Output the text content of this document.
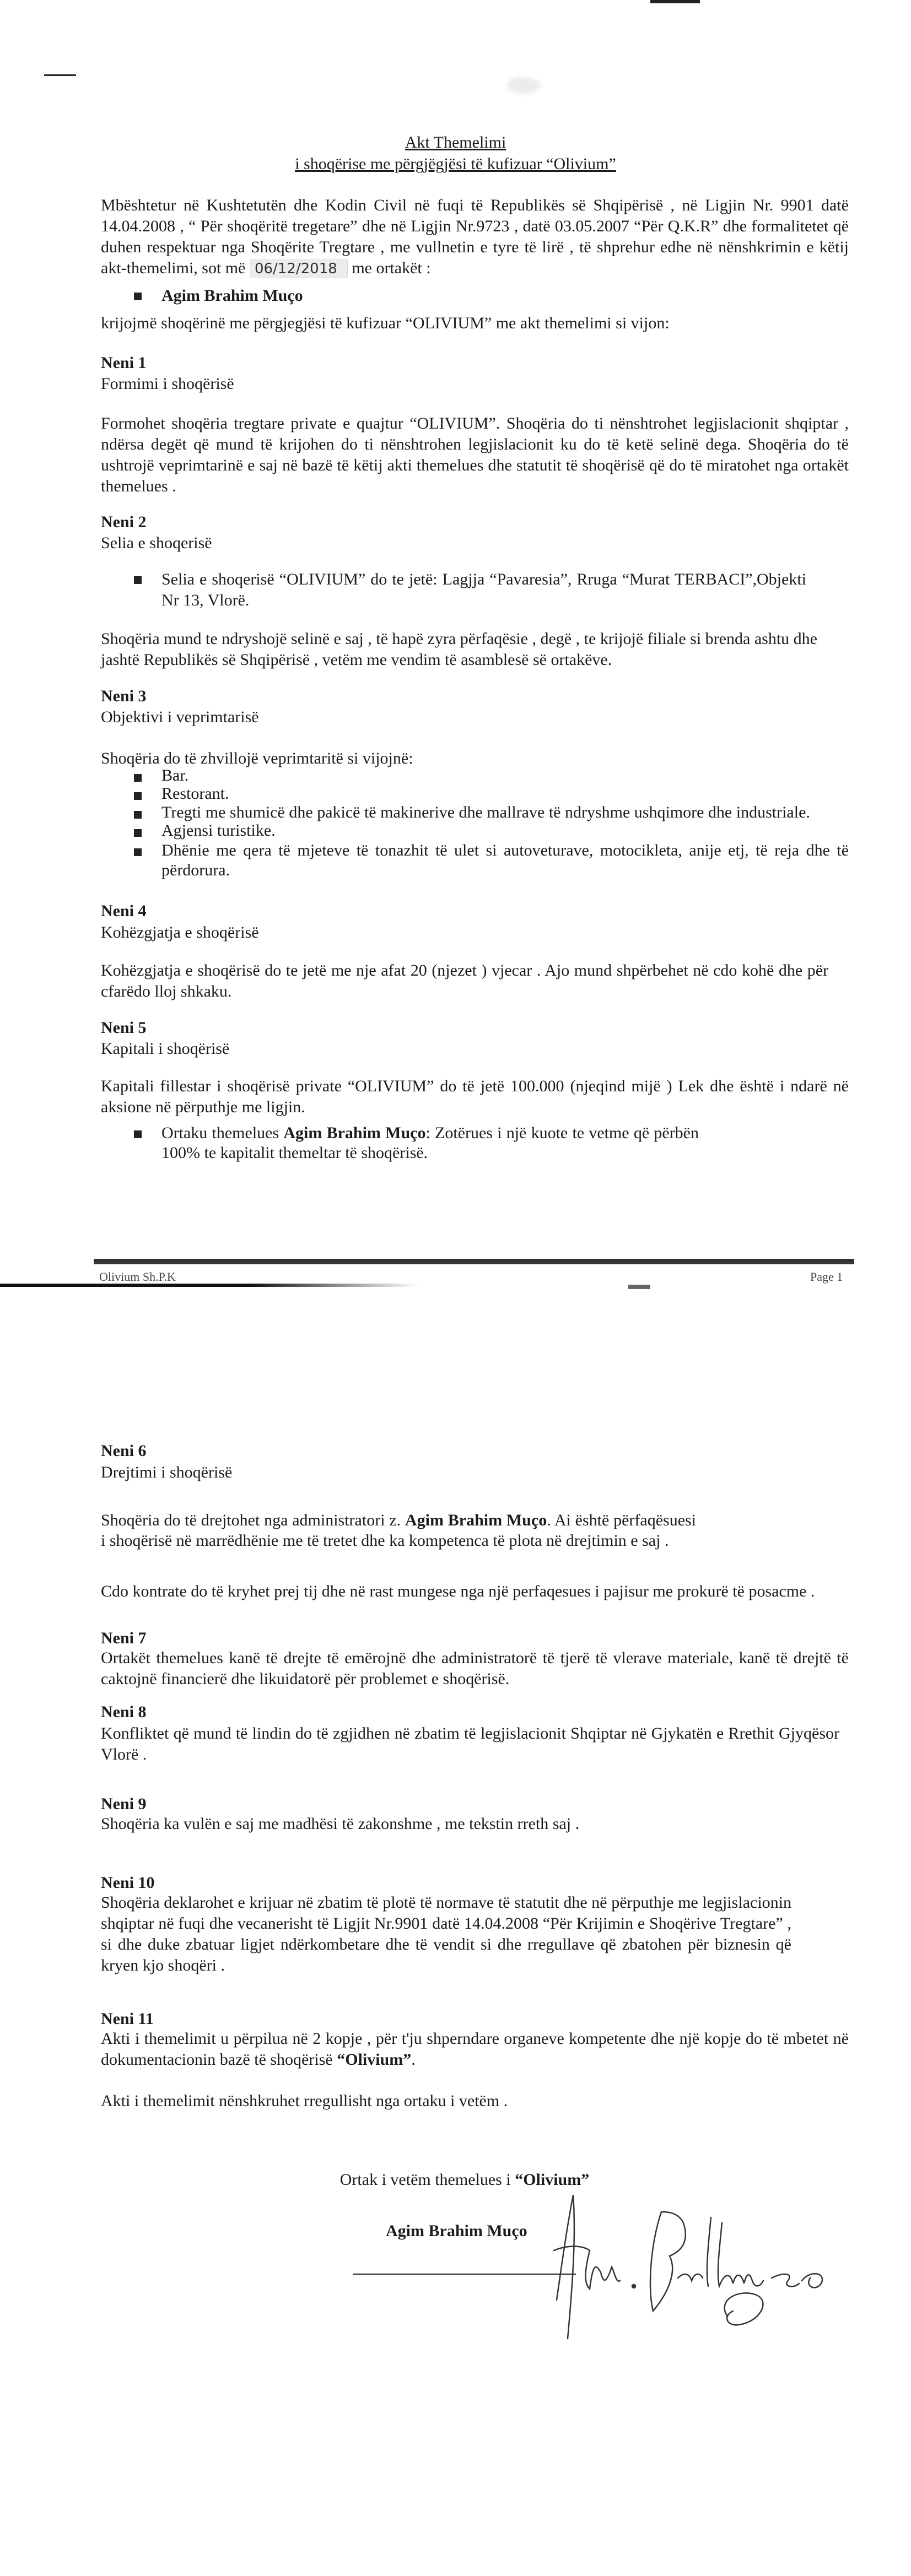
Akt Themelimi
i shoqërise me përgjëgjësi të kufizuar “Olivium”
Mbështetur në Kushtetutën dhe Kodin Civil në fuqi të Republikës së Shqipërisë , në Ligjin Nr. 9901 datë 14.04.2008 , “ Për shoqëritë tregetare” dhe në Ligjin Nr.9723 , datë 03.05.2007 “Për Q.K.R” dhe formalitetet që duhen respektuar nga Shoqërite Tregtare , me vullnetin e tyre të lirë , të shprehur edhe në nënshkrimin e këtij akt-themelimi, sot më 06/12/2018 me ortakët :
Agim Brahim Muço
krijojmë shoqërinë me përgjegjësi të kufizuar “OLIVIUM” me akt themelimi si vijon:
Neni 1
Formimi i shoqërisë
Formohet shoqëria tregtare private e quajtur “OLIVIUM”. Shoqëria do ti nënshtrohet legjislacionit shqiptar , ndërsa degët që mund të krijohen do ti nënshtrohen legjislacionit ku do të ketë selinë dega. Shoqëria do të ushtrojë veprimtarinë e saj në bazë të këtij akti themelues dhe statutit të shoqërisë që do të miratohet nga ortakët themelues .
Neni 2
Selia e shoqerisë
Selia e shoqerisë “OLIVIUM” do te jetë: Lagjja “Pavaresia”, Rruga “Murat TERBACI”,Objekti Nr 13, Vlorë.
Shoqëria mund te ndryshojë selinë e saj , të hapë zyra përfaqësie , degë , te krijojë filiale si brenda ashtu dhe jashtë Republikës së Shqipërisë , vetëm me vendim të asamblesë së ortakëve.
Neni 3
Objektivi i veprimtarisë
Shoqëria do të zhvillojë veprimtaritë si vijojnë:
Bar.
Restorant.
Tregti me shumicë dhe pakicë të makinerive dhe mallrave të ndryshme ushqimore dhe industriale.
Agjensi turistike.
Dhënie me qera të mjeteve të tonazhit të ulet si autoveturave, motocikleta, anije etj, të reja dhe të përdorura.
Neni 4
Kohëzgjatja e shoqërisë
Kohëzgjatja e shoqërisë do te jetë me nje afat 20 (njezet ) vjecar . Ajo mund shpërbehet në cdo kohë dhe për cfarëdo lloj shkaku.
Neni 5
Kapitali i shoqërisë
Kapitali fillestar i shoqërisë private “OLIVIUM” do të jetë 100.000 (njeqind mijë ) Lek dhe është i ndarë në aksione në përputhje me ligjin.
Ortaku themelues Agim Brahim Muço: Zotërues i një kuote te vetme që përbën 100% te kapitalit themeltar të shoqërisë.
Olivium Sh.P.K	Page 1
Neni 6
Drejtimi i shoqërisë
Shoqëria do të drejtohet nga administratori z. Agim Brahim Muço. Ai është përfaqësuesi i shoqërisë në marrëdhënie me të tretet dhe ka kompetenca të plota në drejtimin e saj .
Cdo kontrate do të kryhet prej tij dhe në rast mungese nga një perfaqesues i pajisur me prokurë të posacme .
Neni 7
Ortakët themelues kanë të drejte të emërojnë dhe administratorë të tjerë të vlerave materiale, kanë të drejtë të caktojnë financierë dhe likuidatorë për problemet e shoqërisë.
Neni 8
Konfliktet që mund të lindin do të zgjidhen në zbatim të legjislacionit Shqiptar në Gjykatën e Rrethit Gjyqësor Vlorë .
Neni 9
Shoqëria ka vulën e saj me madhësi të zakonshme , me tekstin rreth saj .
Neni 10
Shoqëria deklarohet e krijuar në zbatim të plotë të normave të statutit dhe në përputhje me legjislacionin shqiptar në fuqi dhe vecanerisht të Ligjit Nr.9901 datë 14.04.2008 “Për Krijimin e Shoqërive Tregtare” , si dhe duke zbatuar ligjet ndërkombetare dhe të vendit si dhe rregullave që zbatohen për biznesin që kryen kjo shoqëri .
Neni 11
Akti i themelimit u përpilua në 2 kopje , për t'ju shperndare organeve kompetente dhe një kopje do të mbetet në dokumentacionin bazë të shoqërisë “Olivium”.
Akti i themelimit nënshkruhet rregullisht nga ortaku i vetëm .
Ortak i vetëm themelues i “Olivium”
Agim Brahim Muço
